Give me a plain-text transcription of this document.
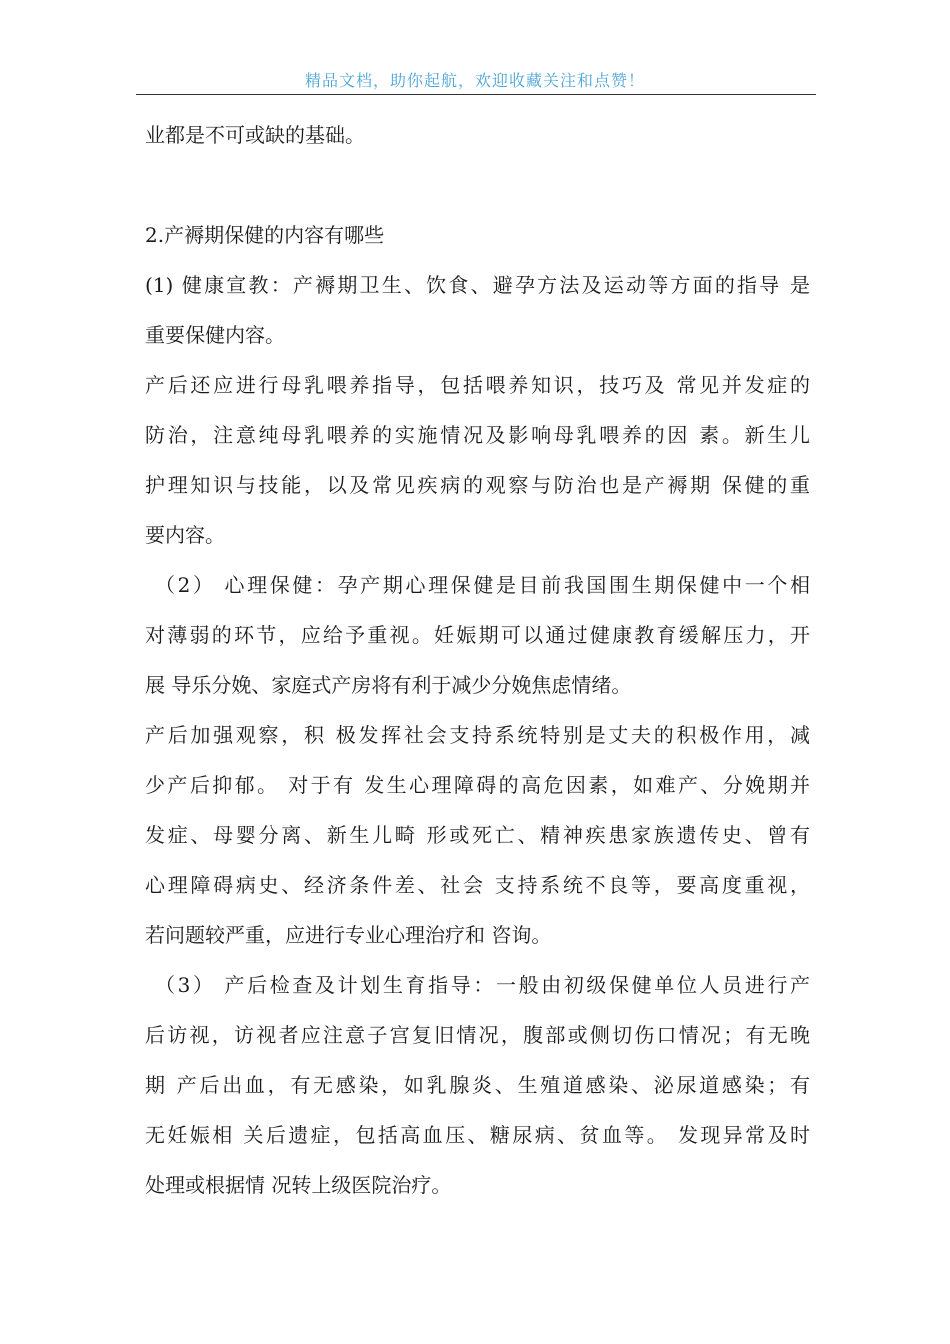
精品文档，助你起航，欢迎收藏关注和点赞！
业都是不可或缺的基础。
2.产褥期保健的内容有哪些
(1) 健康宣教：产褥期卫生、饮食、避孕方法及运动等方面的指导 是
重要保健内容。
产后还应进行母乳喂养指导，包括喂养知识，技巧及 常见并发症的
防治，注意纯母乳喂养的实施情况及影响母乳喂养的因 素。新生儿
护理知识与技能，以及常见疾病的观察与防治也是产褥期 保健的重
要内容。
（2） 心理保健：孕产期心理保健是目前我国围生期保健中一个相
对薄弱的环节，应给予重视。妊娠期可以通过健康教育缓解压力，开
展 导乐分娩、家庭式产房将有利于减少分娩焦虑情绪。
产后加强观察，积 极发挥社会支持系统特别是丈夫的积极作用，减
少产后抑郁。 对于有 发生心理障碍的高危因素，如难产、分娩期并
发症、母婴分离、新生儿畸 形或死亡、精神疾患家族遗传史、曾有
心理障碍病史、经济条件差、社会 支持系统不良等，要高度重视，
若问题较严重，应进行专业心理治疗和 咨询。
（3） 产后检查及计划生育指导：一般由初级保健单位人员进行产
后访视，访视者应注意子宫复旧情况，腹部或侧切伤口情况；有无晚
期 产后出血，有无感染，如乳腺炎、生殖道感染、泌尿道感染；有
无妊娠相 关后遗症，包括高血压、糖尿病、贫血等。 发现异常及时
处理或根据情 况转上级医院治疗。
